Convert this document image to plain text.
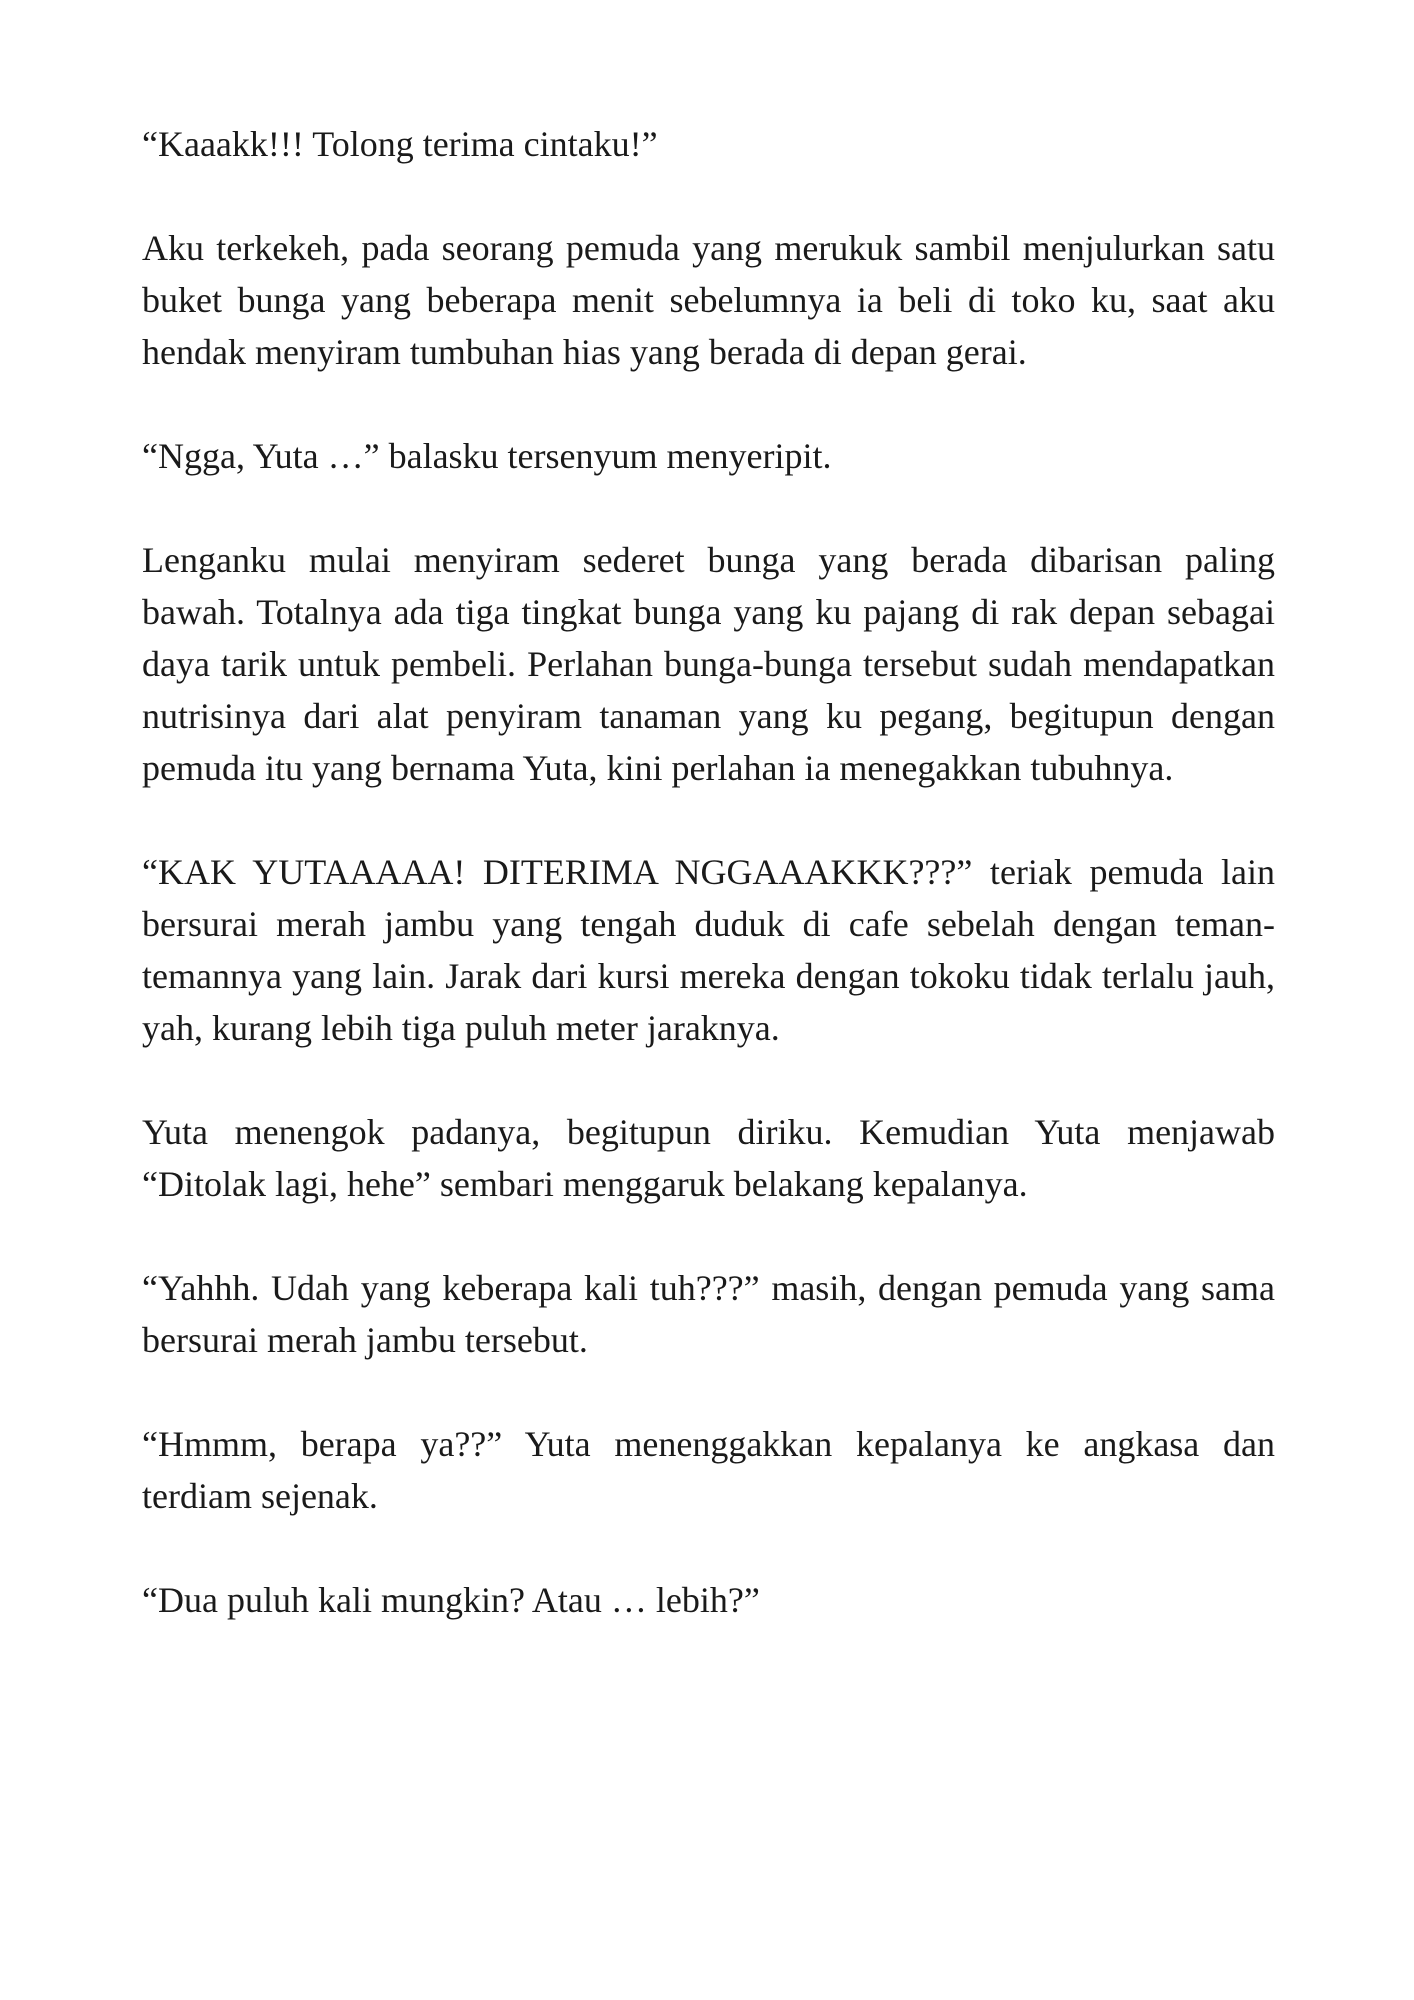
“Kaaakk!!! Tolong terima cintaku!”

Aku terkekeh, pada seorang pemuda yang merukuk sambil menjulurkan satu buket bunga yang beberapa menit sebelumnya ia beli di toko ku, saat aku hendak menyiram tumbuhan hias yang berada di depan gerai.

“Ngga, Yuta …” balasku tersenyum menyeripit.

Lenganku mulai menyiram sederet bunga yang berada dibarisan paling bawah. Totalnya ada tiga tingkat bunga yang ku pajang di rak depan sebagai daya tarik untuk pembeli. Perlahan bunga-bunga tersebut sudah mendapatkan nutrisinya dari alat penyiram tanaman yang ku pegang, begitupun dengan pemuda itu yang bernama Yuta, kini perlahan ia menegakkan tubuhnya.

“KAK YUTAAAAA! DITERIMA NGGAAAKKK???” teriak pemuda lain bersurai merah jambu yang tengah duduk di cafe sebelah dengan teman-temannya yang lain. Jarak dari kursi mereka dengan tokoku tidak terlalu jauh, yah, kurang lebih tiga puluh meter jaraknya.

Yuta menengok padanya, begitupun diriku. Kemudian Yuta menjawab “Ditolak lagi, hehe” sembari menggaruk belakang kepalanya.

“Yahhh. Udah yang keberapa kali tuh???” masih, dengan pemuda yang sama bersurai merah jambu tersebut.

“Hmmm, berapa ya??” Yuta menenggakkan kepalanya ke angkasa dan terdiam sejenak.

“Dua puluh kali mungkin? Atau … lebih?”
